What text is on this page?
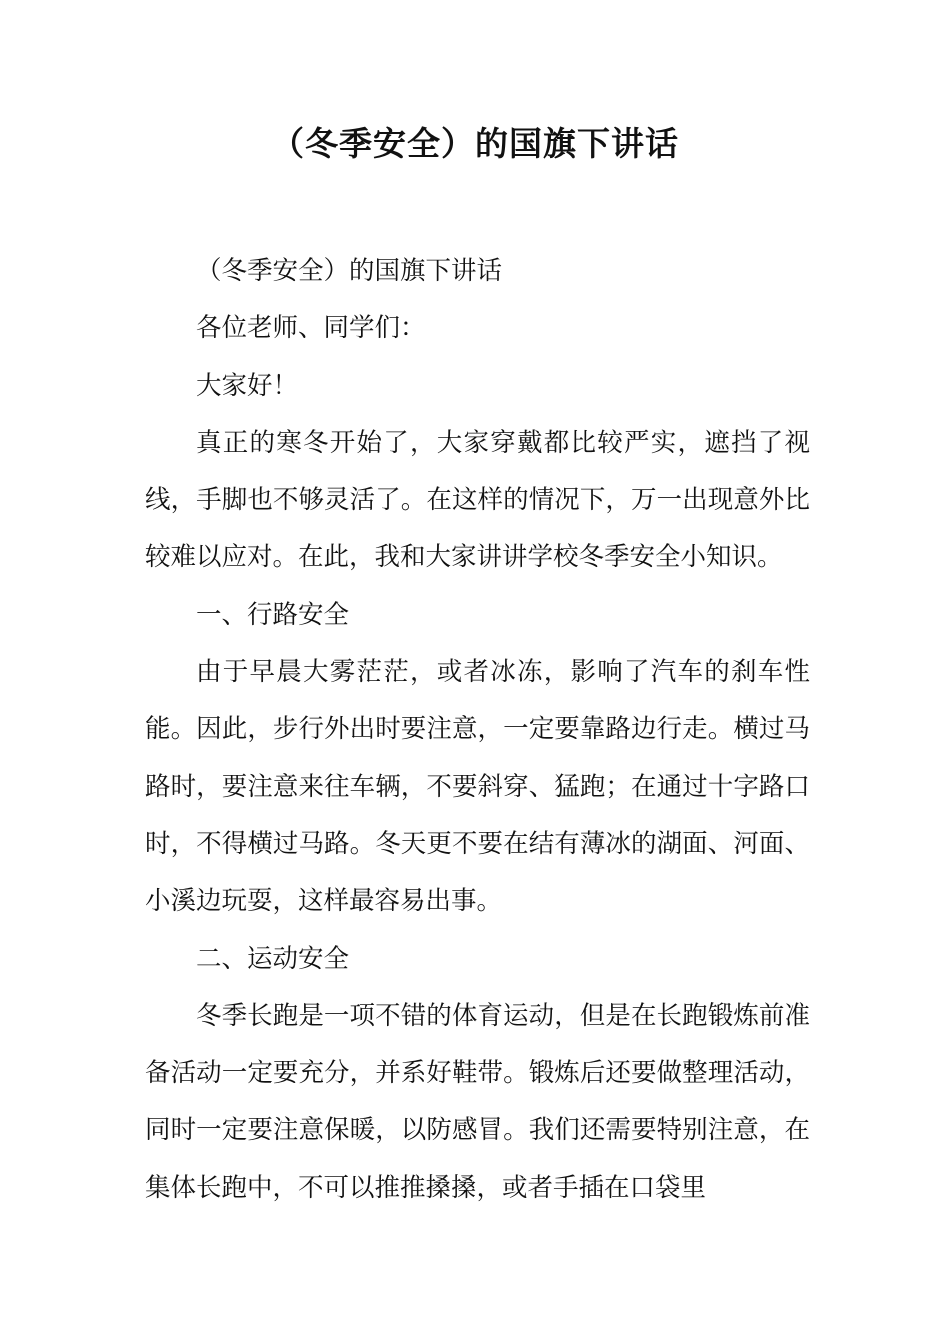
（冬季安全）的国旗下讲话

（冬季安全）的国旗下讲话

各位老师、同学们：

大家好！

真正的寒冬开始了，大家穿戴都比较严实，遮挡了视线，手脚也不够灵活了。在这样的情况下，万一出现意外比较难以应对。在此，我和大家讲讲学校冬季安全小知识。

一、行路安全

由于早晨大雾茫茫，或者冰冻，影响了汽车的刹车性能。因此，步行外出时要注意，一定要靠路边行走。横过马路时，要注意来往车辆，不要斜穿、猛跑；在通过十字路口时，不得横过马路。冬天更不要在结有薄冰的湖面、河面、小溪边玩耍，这样最容易出事。

二、运动安全

冬季长跑是一项不错的体育运动，但是在长跑锻炼前准备活动一定要充分，并系好鞋带。锻炼后还要做整理活动，同时一定要注意保暖，以防感冒。我们还需要特别注意，在集体长跑中，不可以推推搡搡，或者手插在口袋里
